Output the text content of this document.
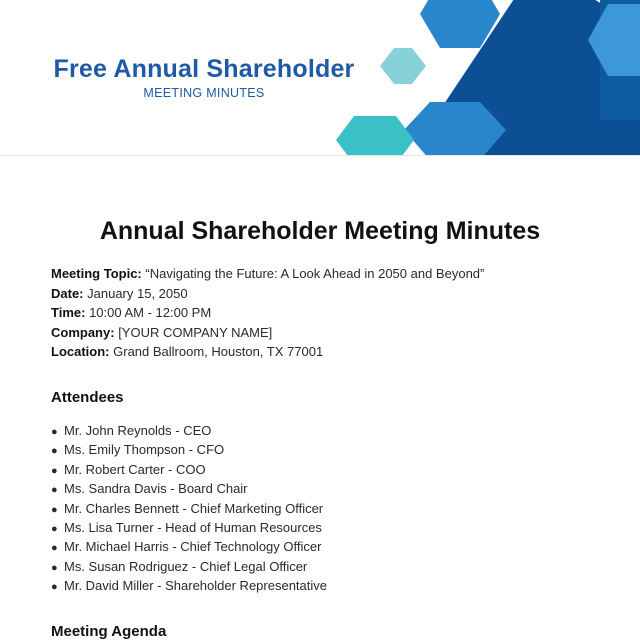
Free Annual Shareholder
MEETING MINUTES
Annual Shareholder Meeting Minutes
Meeting Topic: “Navigating the Future: A Look Ahead in 2050 and Beyond”
Date: January 15, 2050
Time: 10:00 AM - 12:00 PM
Company: [YOUR COMPANY NAME]
Location: Grand Ballroom, Houston, TX 77001
Attendees
● Mr. John Reynolds - CEO
● Ms. Emily Thompson - CFO
● Mr. Robert Carter - COO
● Ms. Sandra Davis - Board Chair
● Mr. Charles Bennett - Chief Marketing Officer
● Ms. Lisa Turner - Head of Human Resources
● Mr. Michael Harris - Chief Technology Officer
● Ms. Susan Rodriguez - Chief Legal Officer
● Mr. David Miller - Shareholder Representative
Meeting Agenda
